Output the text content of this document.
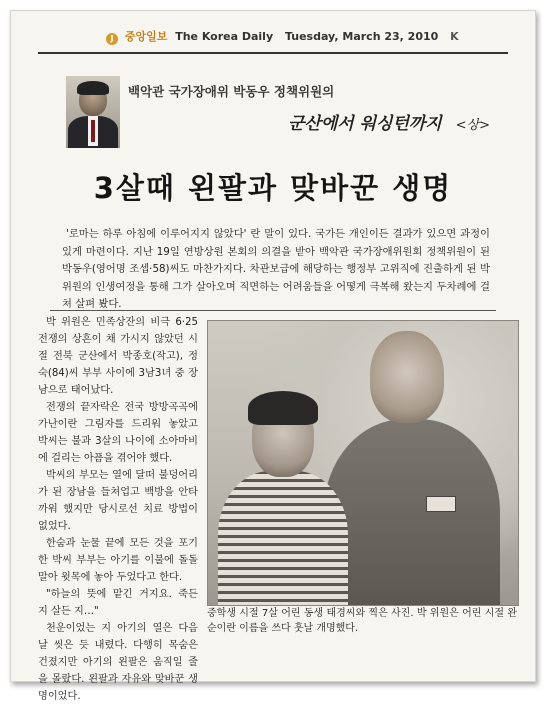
J 중앙일보 The Korea Daily Tuesday, March 23, 2010 K
백악관 국가장애위 박동우 정책위원의
군산에서 워싱턴까지 <상>
3살때 왼팔과 맞바꾼 생명

'로마는 하루 아침에 이루어지지 않았다' 란 말이 있다. 국가든 개인이든 결과가 있으면 과정이 있게 마련이다. 지난 19일 연방상원 본회의 의결을 받아 백악관 국가장애위원회 정책위원이 된 박동우(영어명 조셉·58)씨도 마찬가지다. 차관보급에 해당하는 행정부 고위직에 진출하게 된 박 위원의 인생여정을 통해 그가 살아오며 직면하는 어려움들을 어떻게 극복해 왔는지 두차례에 걸쳐 살펴 봤다.

박 위원은 민족상잔의 비극 6·25 전쟁의 상흔이 채 가시지 않았던 시절 전북 군산에서 박종호(작고), 정숙(84)씨 부부 사이에 3남3녀 중 장남으로 태어났다.

전쟁의 끝자락은 전국 방방곡곡에 가난이란 그림자를 드리워 놓았고 박씨는 불과 3살의 나이에 소아마비에 걸리는 아픔을 겪어야 했다.

박씨의 부모는 열에 달떠 불덩어리가 된 장남을 들쳐업고 백방을 안타까워 했지만 당시로선 치료 방법이 없었다.

한숨과 눈물 끝에 모든 것을 포기한 박씨 부부는 아기를 이불에 돌돌 말아 윗목에 놓아 두었다고 한다.

"하늘의 뜻에 맡긴 거지요. 죽든 지 살든 지…"

천운이었는 지 아기의 열은 다음 날 씻은 듯 내렸다. 다행히 목숨은 건졌지만 아기의 왼팔은 움직일 줄을 몰랐다. 왼팔과 자유와 맞바꾼 생명이었다.

중학생 시절 7살 어린 동생 태경씨와 찍은 사진. 박 위원은 어린 시절 완순이란 이름을 쓰다 훗날 개명했다.
